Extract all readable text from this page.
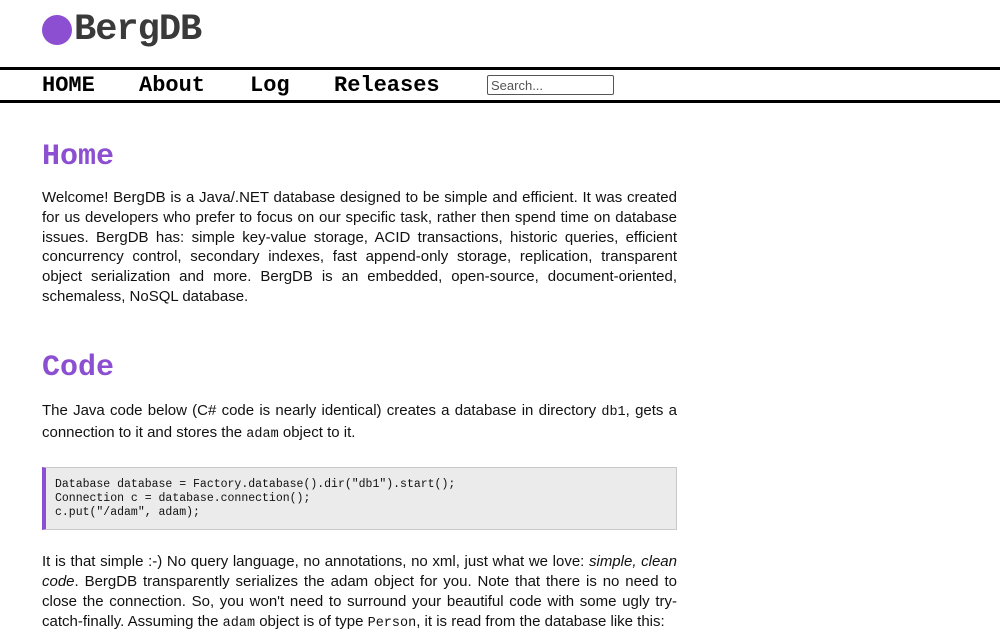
BergDB
HOME About Log Releases
Search...
Home

Welcome! BergDB is a Java/.NET database designed to be simple and efficient. It was created for us developers who prefer to focus on our specific task, rather then spend time on database issues. BergDB has: simple key-value storage, ACID transactions, historic queries, efficient concurrency control, secondary indexes, fast append-only storage, replication, transparent object serialization and more. BergDB is an embedded, open-source, document-oriented, schemaless, NoSQL database.

Code

The Java code below (C# code is nearly identical) creates a database in directory db1, gets a connection to it and stores the adam object to it.

Database database = Factory.database().dir("db1").start();
Connection c = database.connection();
c.put("/adam", adam);

It is that simple :-) No query language, no annotations, no xml, just what we love: simple, clean code. BergDB transparently serializes the adam object for you. Note that there is no need to close the connection. So, you won't need to surround your beautiful code with some ugly try-catch-finally. Assuming the adam object is of type Person, it is read from the database like this:
